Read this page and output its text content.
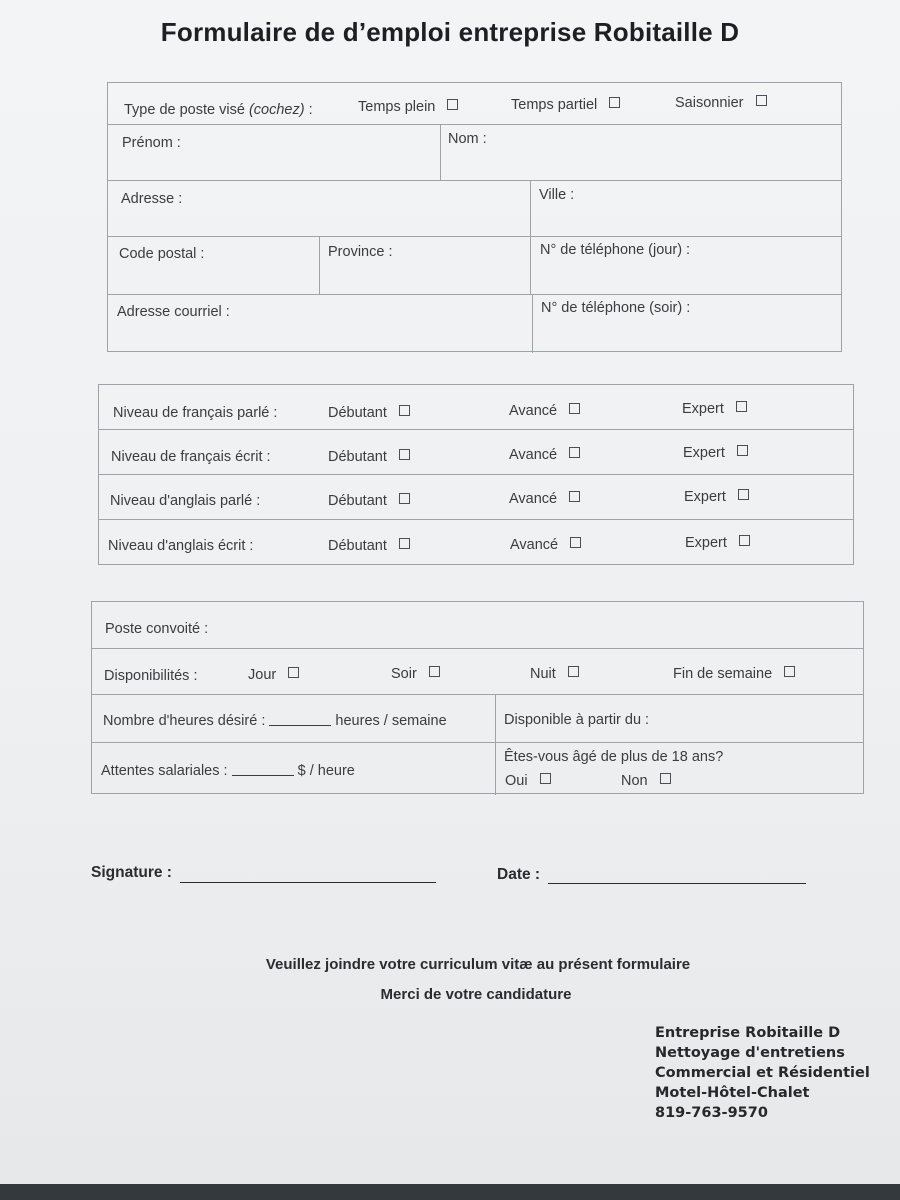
Formulaire de d’emploi entreprise Robitaille D
Type de poste visé (cochez) :	Temps plein	Temps partiel	Saisonnier
Prénom :	Nom :
Adresse :	Ville :
Code postal :	Province :	N° de téléphone (jour) :
Adresse courriel :	N° de téléphone (soir) :
Niveau de français parlé :	Débutant	Avancé	Expert
Niveau de français écrit :	Débutant	Avancé	Expert
Niveau d'anglais parlé :	Débutant	Avancé	Expert
Niveau d'anglais écrit :	Débutant	Avancé	Expert
Poste convoité :
Disponibilités :	Jour	Soir	Nuit	Fin de semaine
Nombre d'heures désiré :	heures / semaine	Disponible à partir du :
Attentes salariales :	$ / heure
Êtes-vous âgé de plus de 18 ans?
Oui	Non
Signature :	Date :
Veuillez joindre votre curriculum vitæ au présent formulaire
Merci de votre candidature
Entreprise Robitaille D
Nettoyage d'entretiens
Commercial et Résidentiel
Motel-Hôtel-Chalet
819-763-9570
